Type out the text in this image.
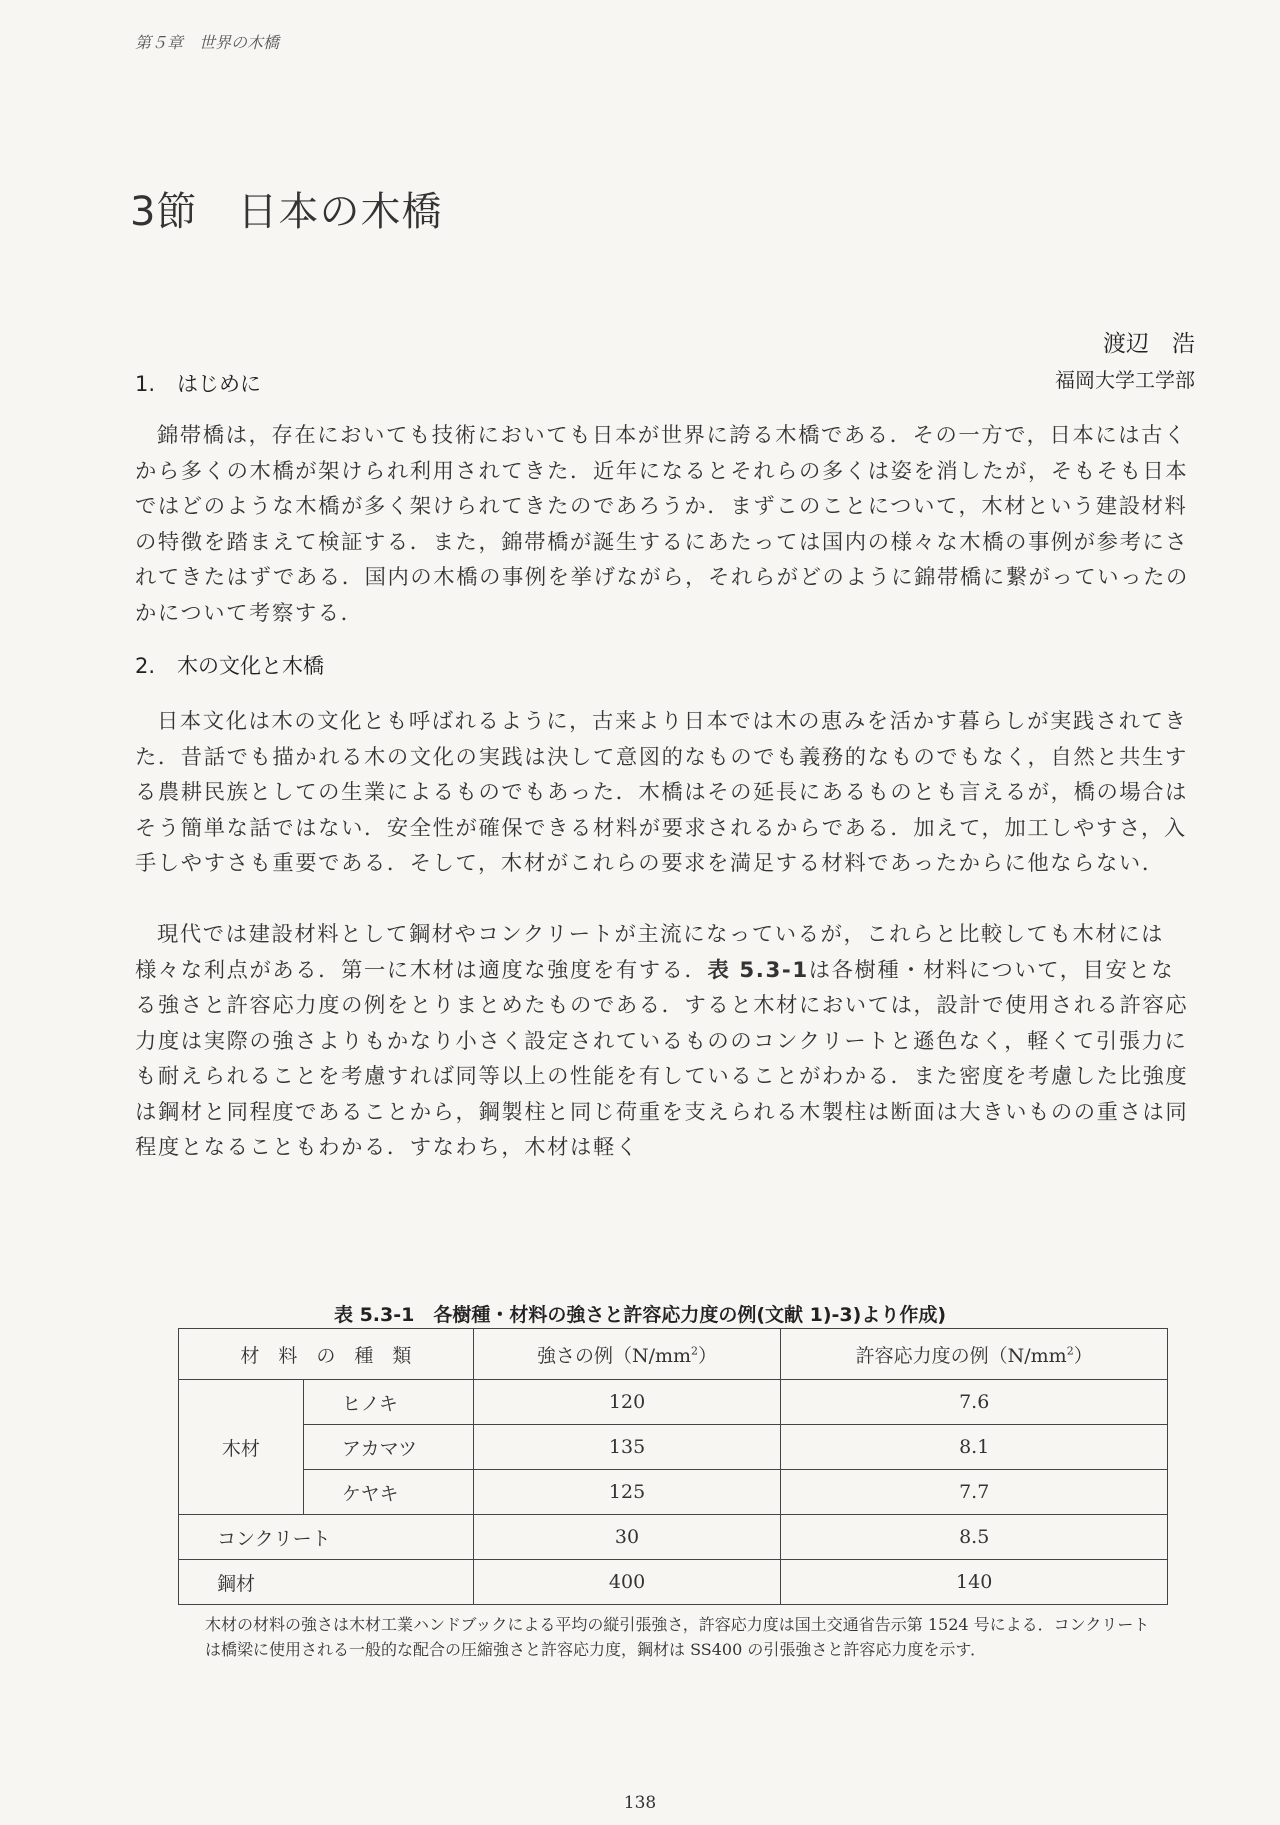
第５章　世界の木橋
3節 日本の木橋
渡辺　浩
福岡大学工学部
1. はじめに

錦帯橋は，存在においても技術においても日本が世界に誇る木橋である．その一方で，日本には古くから多くの木橋が架けられ利用されてきた．近年になるとそれらの多くは姿を消したが，そもそも日本ではどのような木橋が多く架けられてきたのであろうか．まずこのことについて，木材という建設材料の特徴を踏まえて検証する．また，錦帯橋が誕生するにあたっては国内の様々な木橋の事例が参考にされてきたはずである．国内の木橋の事例を挙げながら，それらがどのように錦帯橋に繋がっていったのかについて考察する．

2. 木の文化と木橋

日本文化は木の文化とも呼ばれるように，古来より日本では木の恵みを活かす暮らしが実践されてきた．昔話でも描かれる木の文化の実践は決して意図的なものでも義務的なものでもなく，自然と共生する農耕民族としての生業によるものでもあった．木橋はその延長にあるものとも言えるが，橋の場合はそう簡単な話ではない．安全性が確保できる材料が要求されるからである．加えて，加工しやすさ，入手しやすさも重要である．そして，木材がこれらの要求を満足する材料であったからに他ならない．

現代では建設材料として鋼材やコンクリートが主流になっているが，これらと比較しても木材には様々な利点がある．第一に木材は適度な強度を有する．表 5.3-1は各樹種・材料について，目安となる強さと許容応力度の例をとりまとめたものである．すると木材においては，設計で使用される許容応力度は実際の強さよりもかなり小さく設定されているもののコンクリートと遜色なく，軽くて引張力にも耐えられることを考慮すれば同等以上の性能を有していることがわかる．また密度を考慮した比強度は鋼材と同程度であることから，鋼製柱と同じ荷重を支えられる木製柱は断面は大きいものの重さは同程度となることもわかる．すなわち，木材は軽く

表 5.3-1　各樹種・材料の強さと許容応力度の例(文献 1)-3)より作成)
材　料　の　種　類		強さの例$(N/mm^2)$	許容応力度の例$(N/mm^2)$
木材	ヒノキ	120	7.6
	アカマツ	135	8.1
	ケヤキ	125	7.7
コンクリート		30	8.5
鋼材		400	140

木材の材料の強さは木材工業ハンドブックによる平均の縦引張強さ，許容応力度は国土交通省告示第 1524 号による．コンクリートは橋梁に使用される一般的な配合の圧縮強さと許容応力度，鋼材は SS400 の引張強さと許容応力度を示す．

138
